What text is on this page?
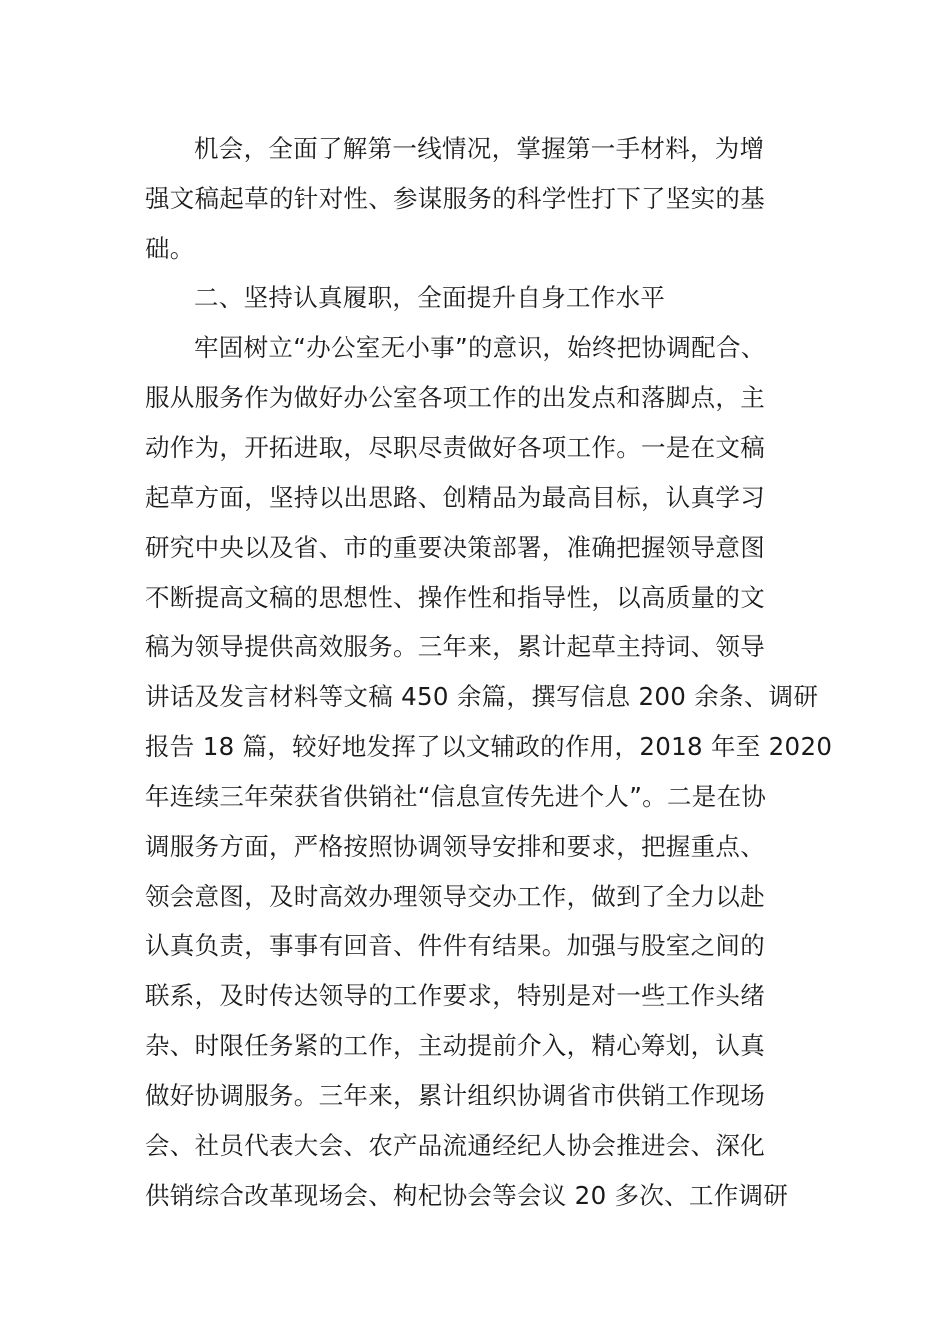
机会，全面了解第一线情况，掌握第一手材料，为增
强文稿起草的针对性、参谋服务的科学性打下了坚实的基
础。
二、坚持认真履职，全面提升自身工作水平
牢固树立“办公室无小事”的意识，始终把协调配合、
服从服务作为做好办公室各项工作的出发点和落脚点，主
动作为，开拓进取，尽职尽责做好各项工作。一是在文稿
起草方面，坚持以出思路、创精品为最高目标，认真学习
研究中央以及省、市的重要决策部署，准确把握领导意图
不断提高文稿的思想性、操作性和指导性，以高质量的文
稿为领导提供高效服务。三年来，累计起草主持词、领导
讲话及发言材料等文稿 450 余篇，撰写信息 200 余条、调研
报告 18 篇，较好地发挥了以文辅政的作用，2018 年至 2020
年连续三年荣获省供销社“信息宣传先进个人”。二是在协
调服务方面，严格按照协调领导安排和要求，把握重点、
领会意图，及时高效办理领导交办工作，做到了全力以赴
认真负责，事事有回音、件件有结果。加强与股室之间的
联系，及时传达领导的工作要求，特别是对一些工作头绪
杂、时限任务紧的工作，主动提前介入，精心筹划，认真
做好协调服务。三年来，累计组织协调省市供销工作现场
会、社员代表大会、农产品流通经纪人协会推进会、深化
供销综合改革现场会、枸杞协会等会议 20 多次、工作调研
